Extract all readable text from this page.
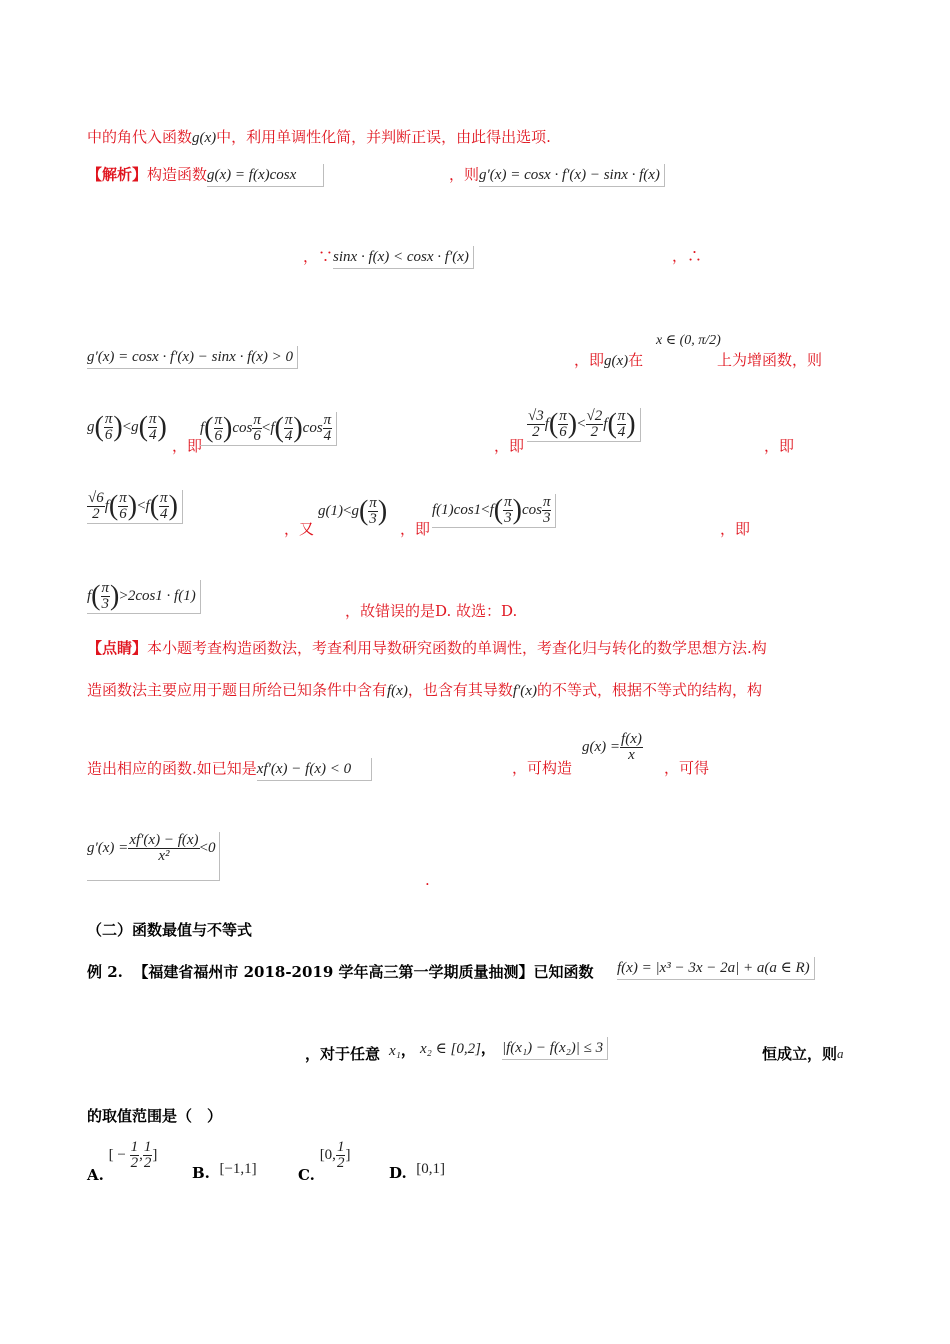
中的角代入函数g(x)中，利用单调性化简，并判断正误，由此得出选项.
【解析】构造函数g(x) = f(x)cosx	，则g′(x) = cosx · f′(x) − sinx · f(x)
，∵sinx · f(x) < cosx · f′(x)	，∴
g′(x) = cosx · f′(x) − sinx · f(x) > 0	，即g(x)在
x ∈ (0, π/2)
上为增函数，则
$g( \frac{\pi}{6} )<g( \frac{\pi}{4}$ )
，即
$f( \frac{\pi}{6} )\cos \frac{\pi}{6} <f( \frac{\pi}{4} )\cos \frac{\pi}{4}$
，即
$\frac{√3}{2} f( \frac{\pi}{6}$ )< $\frac{√2}{2} f( \frac{\pi}{4}$ )
，即
$\frac{√6}{2} f( \frac{\pi}{6} )<f( \frac{\pi}{4}$ )
，又
$g(1)<g( \frac{\pi}{3}$ )
，即
$f(1)\cos 1<f( \frac{\pi}{3} )\cos \frac{\pi}{3}$
，即
$f( \frac{\pi}{3} )>2\cos 1 \cdot f(1)$
，故错误的是D. 故选：D.
【点睛】本小题考查构造函数法，考查利用导数研究函数的单调性，考查化归与转化的数学思想方法.构
造函数法主要应用于题目所给已知条件中含有f(x)，也含有其导数f′(x)的不等式，根据不等式的结构，构
造出相应的函数.如已知是xf′(x) − f(x) < 0	，可构造
$g(x) = \frac{f(x)}{x}$
，可得
$g'(x) = \frac{xf'(x) - f(x)}{\text{x²}} <0$
.
（二）函数最值与不等式
例 2. 【福建省福州市 2018-2019 学年高三第一学期质量抽测】已知函数 f(x) = |x³ − 3x − 2a| + a(a ∈ R)
，对于任意 x₁， x₂ ∈ [0,2]， |f(x₁) − f(x₂)| ≤ 3	恒成立，则a
的取值范围是（　）
A. [ − $\frac{1}{2}$ , $\frac{1}{2}$ ]
B. [−1,1]	C. [0, $\frac{1}{2}$ ]
D. [0,1]
